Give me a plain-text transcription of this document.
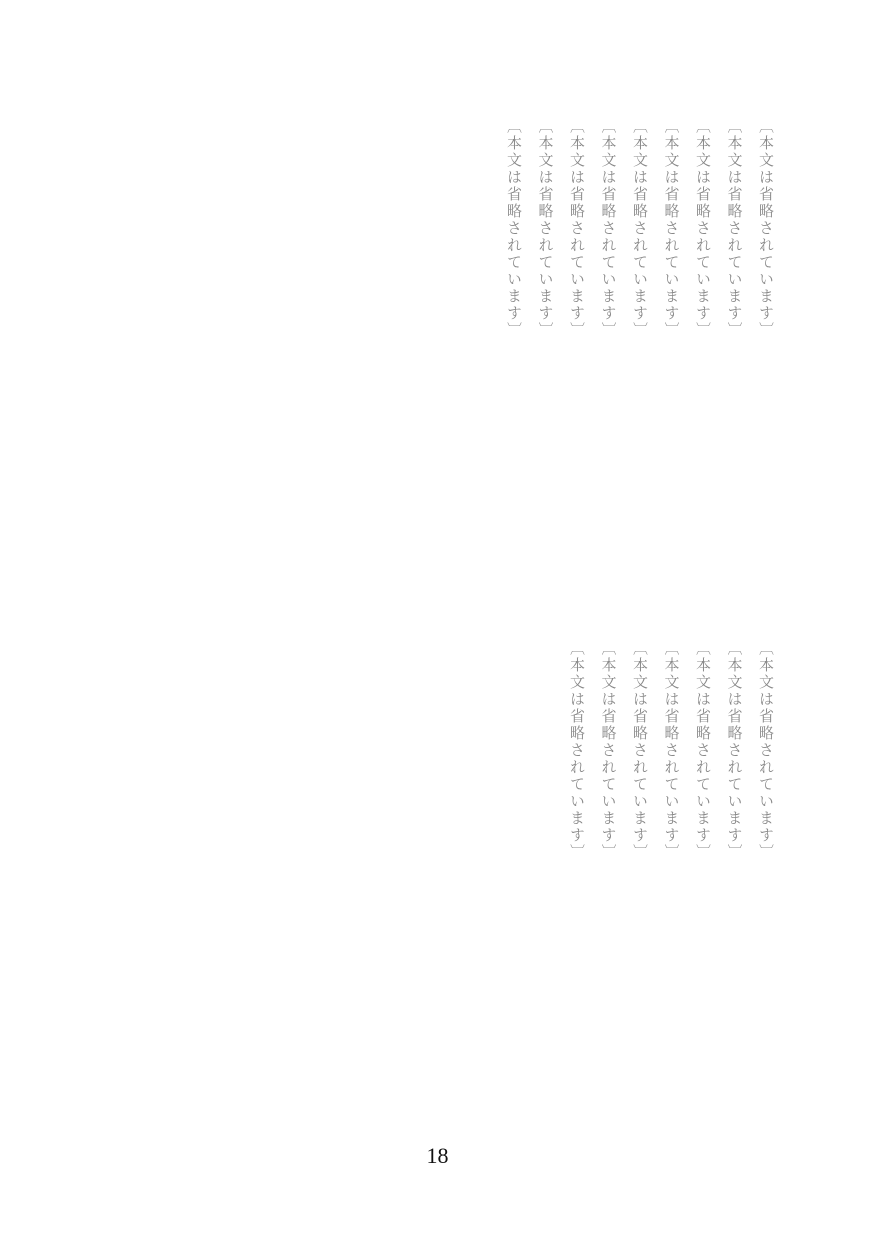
〔本文は省略されています〕
〔本文は省略されています〕
〔本文は省略されています〕
〔本文は省略されています〕
〔本文は省略されています〕
〔本文は省略されています〕
〔本文は省略されています〕
〔本文は省略されています〕
〔本文は省略されています〕

〔本文は省略されています〕
〔本文は省略されています〕
〔本文は省略されています〕
〔本文は省略されています〕
〔本文は省略されています〕
〔本文は省略されています〕
〔本文は省略されています〕

18
